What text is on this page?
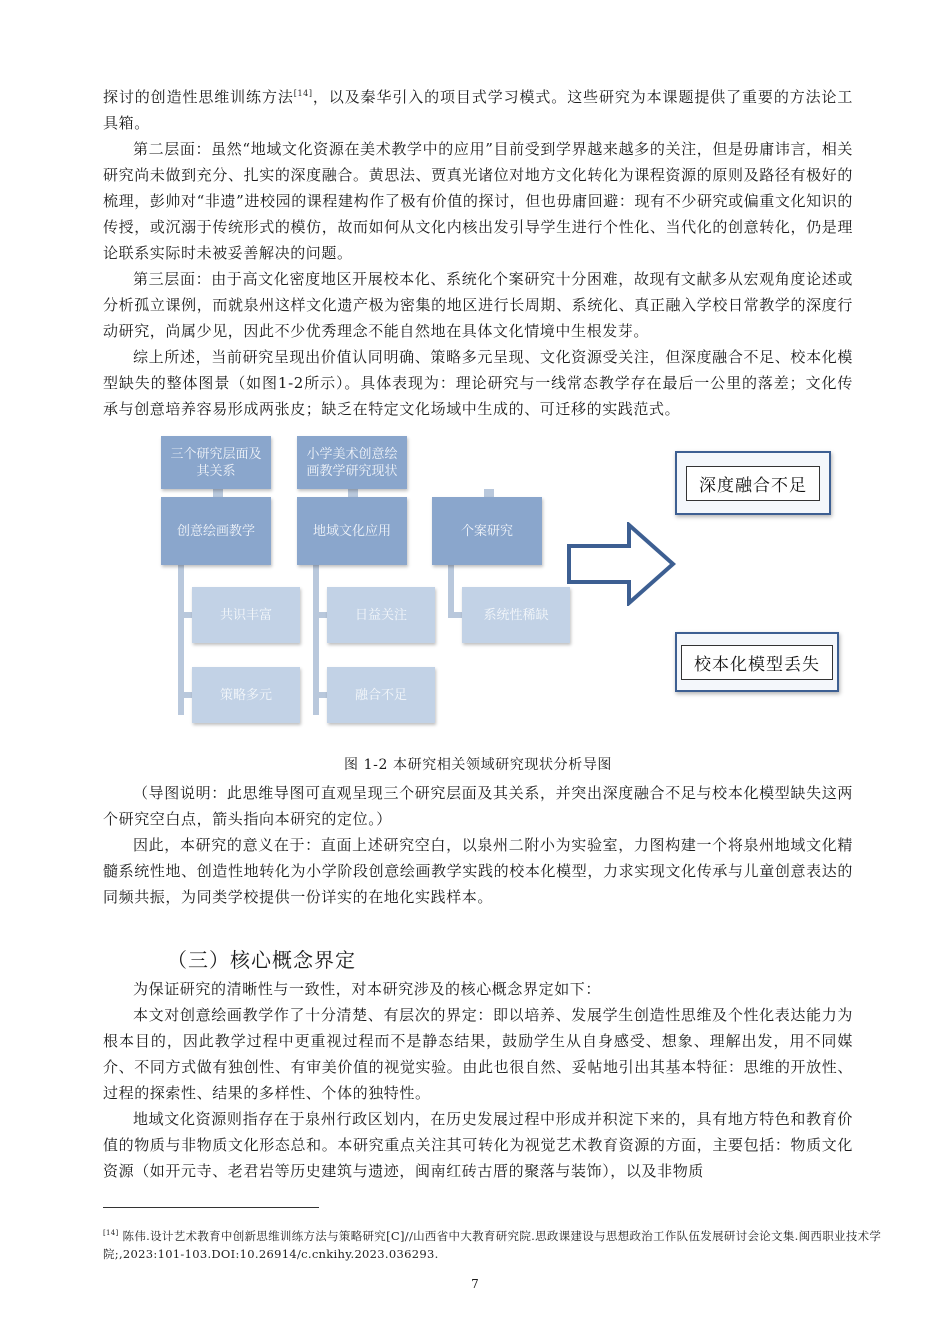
探讨的创造性思维训练方法[14]，以及秦华引入的项目式学习模式。这些研究为本课题提供了重要的方法论工具箱。

第二层面：虽然“地域文化资源在美术教学中的应用”目前受到学界越来越多的关注，但是毋庸讳言，相关研究尚未做到充分、扎实的深度融合。黄思法、贾真光诸位对地方文化转化为课程资源的原则及路径有极好的梳理，彭帅对“非遗”进校园的课程建构作了极有价值的探讨，但也毋庸回避：现有不少研究或偏重文化知识的传授，或沉溺于传统形式的模仿，故而如何从文化内核出发引导学生进行个性化、当代化的创意转化，仍是理论联系实际时未被妥善解决的问题。

第三层面：由于高文化密度地区开展校本化、系统化个案研究十分困难，故现有文献多从宏观角度论述或分析孤立课例，而就泉州这样文化遗产极为密集的地区进行长周期、系统化、真正融入学校日常教学的深度行动研究，尚属少见，因此不少优秀理念不能自然地在具体文化情境中生根发芽。

综上所述，当前研究呈现出价值认同明确、策略多元呈现、文化资源受关注，但深度融合不足、校本化模型缺失的整体图景（如图1-2所示）。具体表现为：理论研究与一线常态教学存在最后一公里的落差；文化传承与创意培养容易形成两张皮；缺乏在特定文化场域中生成的、可迁移的实践范式。

三个研究层面及其关系
小学美术创意绘画教学研究现状
创意绘画教学	地域文化应用	个案研究
共识丰富
策略多元
日益关注
融合不足
系统性稀缺
深度融合不足
校本化模型丢失
图 1-2 本研究相关领域研究现状分析导图

（导图说明：此思维导图可直观呈现三个研究层面及其关系，并突出深度融合不足与校本化模型缺失这两个研究空白点，箭头指向本研究的定位。）

因此，本研究的意义在于：直面上述研究空白，以泉州二附小为实验室，力图构建一个将泉州地域文化精髓系统性地、创造性地转化为小学阶段创意绘画教学实践的校本化模型，力求实现文化传承与儿童创意表达的同频共振，为同类学校提供一份详实的在地化实践样本。

（三）核心概念界定

为保证研究的清晰性与一致性，对本研究涉及的核心概念界定如下：

本文对创意绘画教学作了十分清楚、有层次的界定：即以培养、发展学生创造性思维及个性化表达能力为根本目的，因此教学过程中更重视过程而不是静态结果，鼓励学生从自身感受、想象、理解出发，用不同媒介、不同方式做有独创性、有审美价值的视觉实验。由此也很自然、妥帖地引出其基本特征：思维的开放性、过程的探索性、结果的多样性、个体的独特性。

地域文化资源则指存在于泉州行政区划内，在历史发展过程中形成并积淀下来的，具有地方特色和教育价值的物质与非物质文化形态总和。本研究重点关注其可转化为视觉艺术教育资源的方面，主要包括：物质文化资源（如开元寺、老君岩等历史建筑与遗迹，闽南红砖古厝的聚落与装饰），以及非物质

[14] 陈伟.设计艺术教育中创新思维训练方法与策略研究[C]//山西省中大教育研究院.思政课建设与思想政治工作队伍发展研讨会论文集.闽西职业技术学院;,2023:101-103.DOI:10.26914/c.cnkihy.2023.036293.
7
